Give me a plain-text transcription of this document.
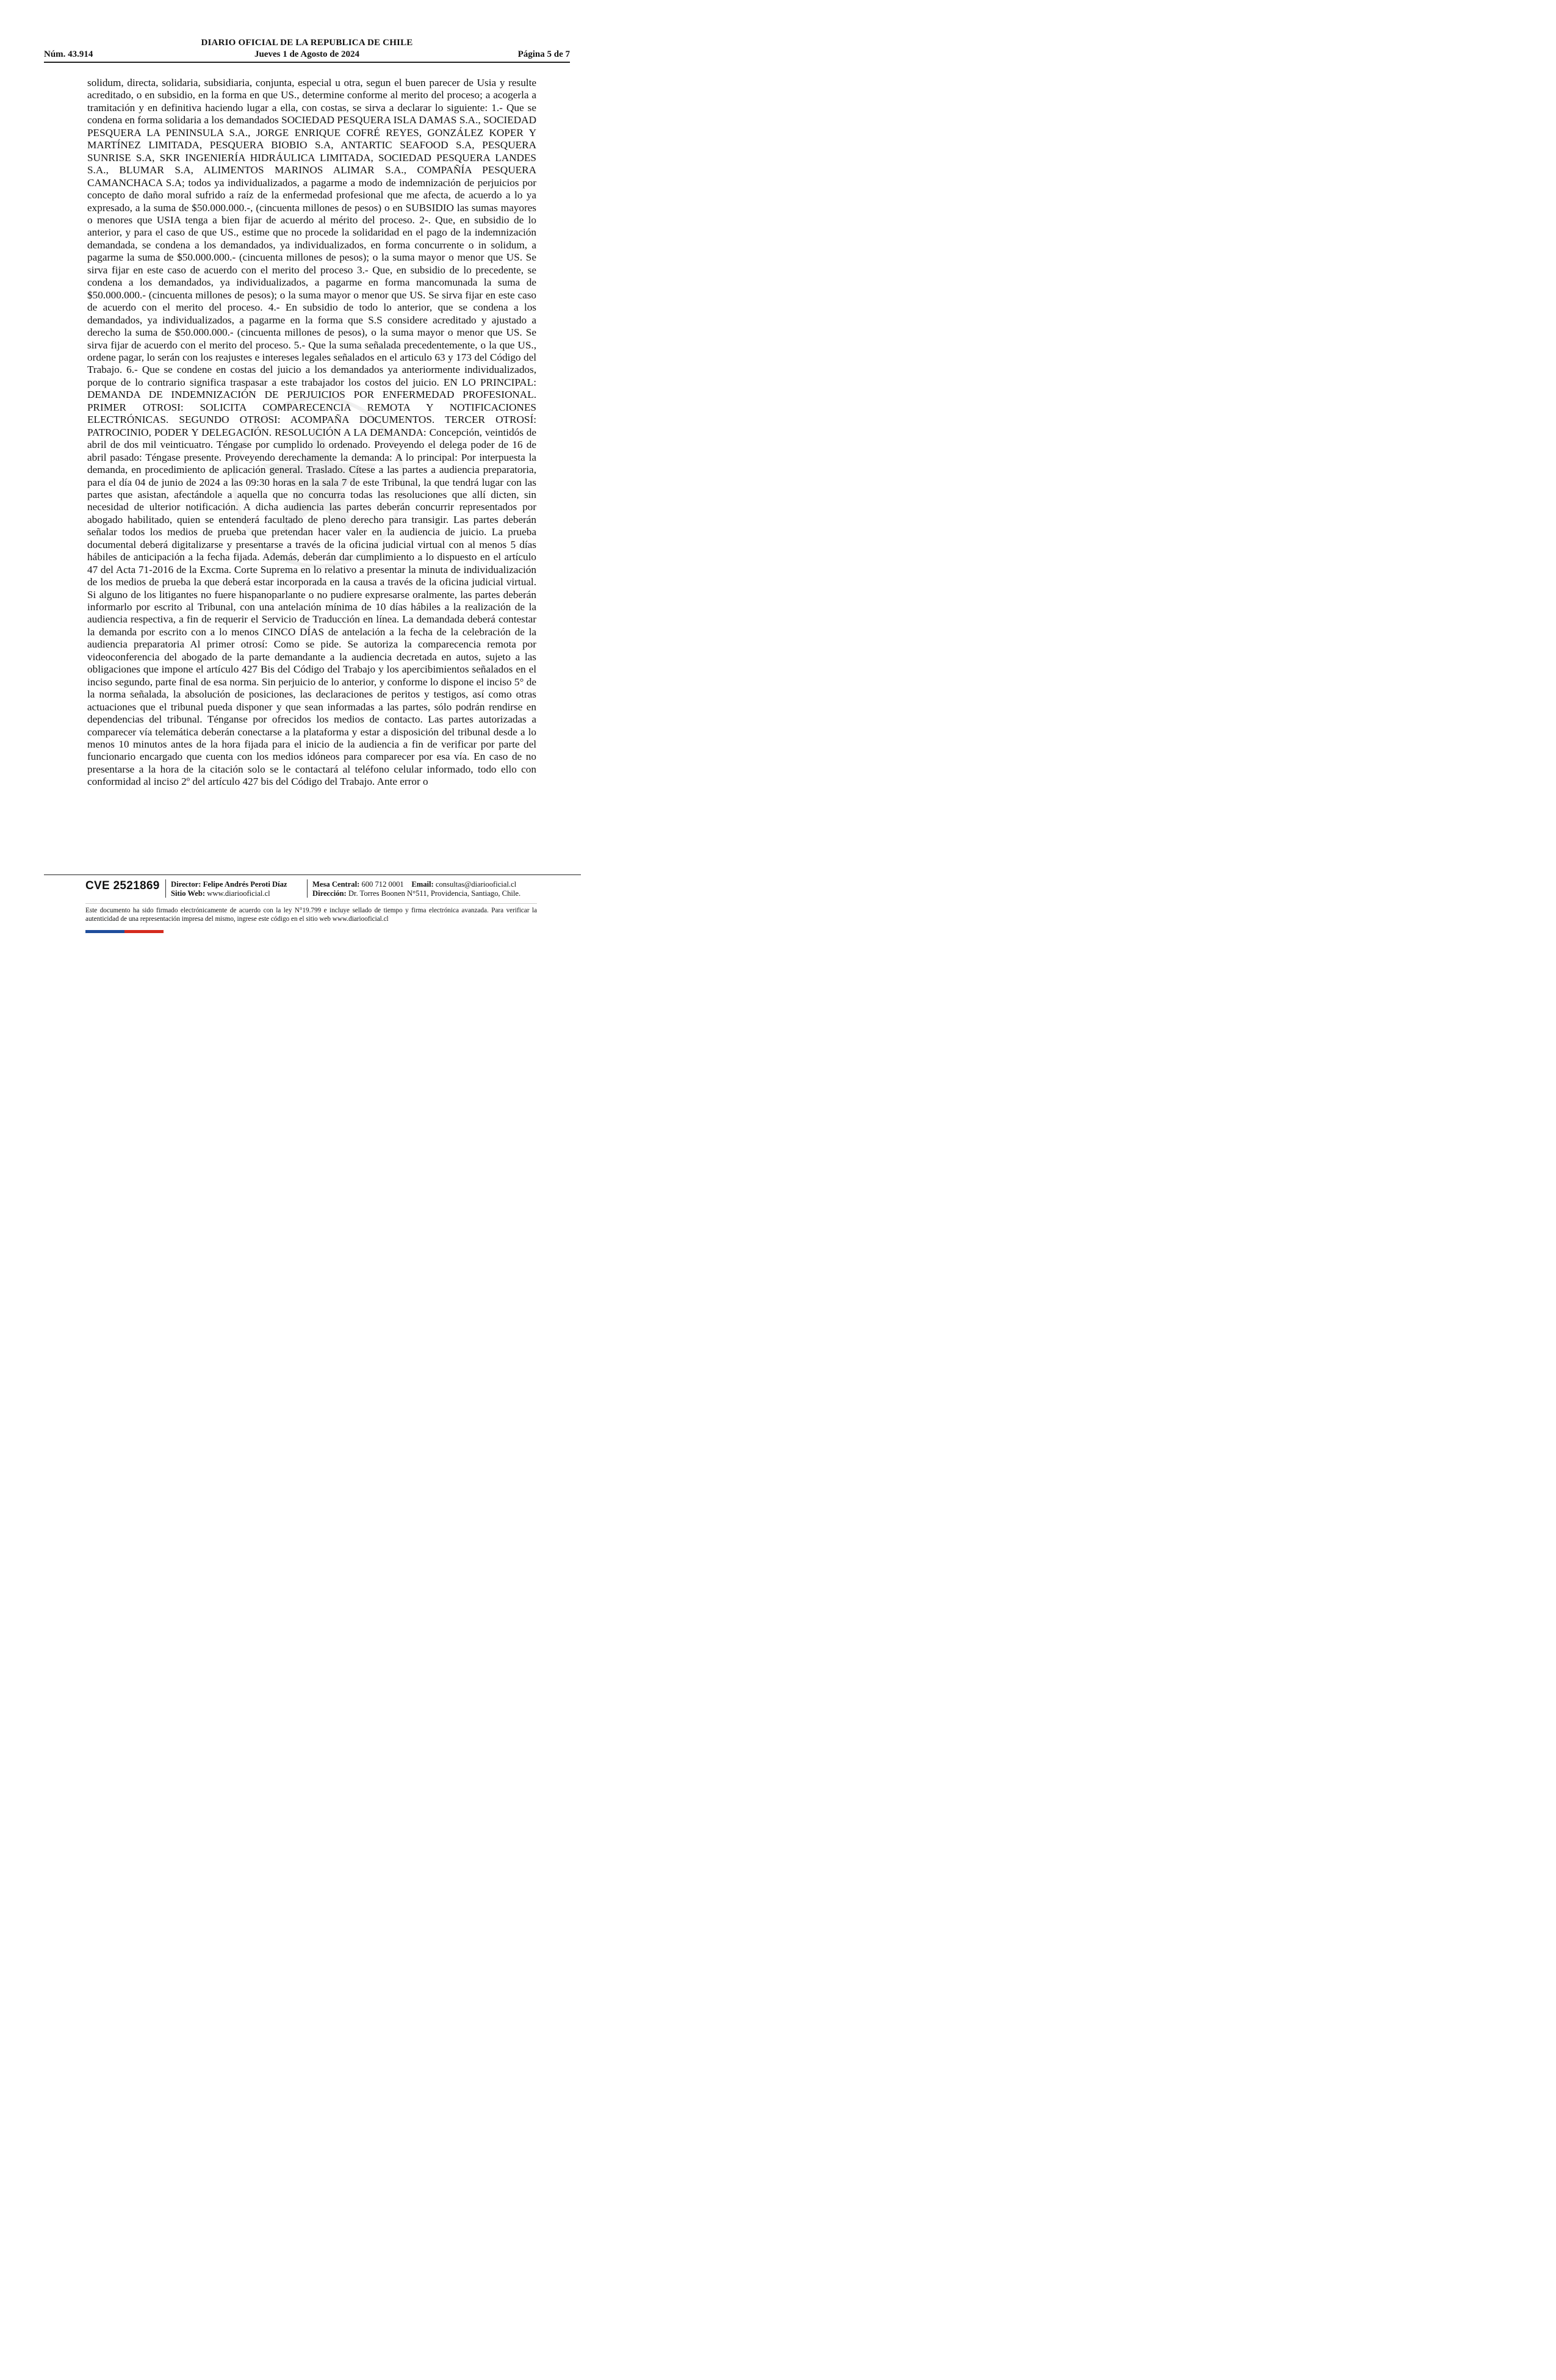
DIARIO OFICIAL DE LA REPUBLICA DE CHILE
Núm. 43.914	Jueves 1 de Agosto de 2024	Página 5 de 7
solidum, directa, solidaria, subsidiaria, conjunta, especial u otra, segun el buen parecer de Usia y resulte acreditado, o en subsidio, en la forma en que US., determine conforme al merito del proceso; a acogerla a tramitación y en definitiva haciendo lugar a ella, con costas, se sirva a declarar lo siguiente: 1.- Que se condena en forma solidaria a los demandados SOCIEDAD PESQUERA ISLA DAMAS S.A., SOCIEDAD PESQUERA LA PENINSULA S.A., JORGE ENRIQUE COFRÉ REYES, GONZÁLEZ KOPER Y MARTÍNEZ LIMITADA, PESQUERA BIOBIO S.A, ANTARTIC SEAFOOD S.A, PESQUERA SUNRISE S.A, SKR INGENIERÍA HIDRÁULICA LIMITADA, SOCIEDAD PESQUERA LANDES S.A., BLUMAR S.A, ALIMENTOS MARINOS ALIMAR S.A., COMPAÑÍA PESQUERA CAMANCHACA S.A; todos ya individualizados, a pagarme a modo de indemnización de perjuicios por concepto de daño moral sufrido a raíz de la enfermedad profesional que me afecta, de acuerdo a lo ya expresado, a la suma de $50.000.000.-, (cincuenta millones de pesos) o en SUBSIDIO las sumas mayores o menores que USIA tenga a bien fijar de acuerdo al mérito del proceso. 2-. Que, en subsidio de lo anterior, y para el caso de que US., estime que no procede la solidaridad en el pago de la indemnización demandada, se condena a los demandados, ya individualizados, en forma concurrente o in solidum, a pagarme la suma de $50.000.000.- (cincuenta millones de pesos); o la suma mayor o menor que US. Se sirva fijar en este caso de acuerdo con el merito del proceso 3.- Que, en subsidio de lo precedente, se condena a los demandados, ya individualizados, a pagarme en forma mancomunada la suma de $50.000.000.- (cincuenta millones de pesos); o la suma mayor o menor que US. Se sirva fijar en este caso de acuerdo con el merito del proceso. 4.- En subsidio de todo lo anterior, que se condena a los demandados, ya individualizados, a pagarme en la forma que S.S considere acreditado y ajustado a derecho la suma de $50.000.000.- (cincuenta millones de pesos), o la suma mayor o menor que US. Se sirva fijar de acuerdo con el merito del proceso. 5.- Que la suma señalada precedentemente, o la que US., ordene pagar, lo serán con los reajustes e intereses legales señalados en el articulo 63 y 173 del Código del Trabajo. 6.- Que se condene en costas del juicio a los demandados ya anteriormente individualizados, porque de lo contrario significa traspasar a este trabajador los costos del juicio. EN LO PRINCIPAL: DEMANDA DE INDEMNIZACIÓN DE PERJUICIOS POR ENFERMEDAD PROFESIONAL. PRIMER OTROSI: SOLICITA COMPARECENCIA REMOTA Y NOTIFICACIONES ELECTRÓNICAS. SEGUNDO OTROSI: ACOMPAÑA DOCUMENTOS. TERCER OTROSÍ: PATROCINIO, PODER Y DELEGACIÓN. RESOLUCIÓN A LA DEMANDA: Concepción, veintidós de abril de dos mil veinticuatro. Téngase por cumplido lo ordenado. Proveyendo el delega poder de 16 de abril pasado: Téngase presente. Proveyendo derechamente la demanda: A lo principal: Por interpuesta la demanda, en procedimiento de aplicación general. Traslado. Cítese a las partes a audiencia preparatoria, para el día 04 de junio de 2024 a las 09:30 horas en la sala 7 de este Tribunal, la que tendrá lugar con las partes que asistan, afectándole a aquella que no concurra todas las resoluciones que allí dicten, sin necesidad de ulterior notificación. A dicha audiencia las partes deberán concurrir representados por abogado habilitado, quien se entenderá facultado de pleno derecho para transigir. Las partes deberán señalar todos los medios de prueba que pretendan hacer valer en la audiencia de juicio. La prueba documental deberá digitalizarse y presentarse a través de la oficina judicial virtual con al menos 5 días hábiles de anticipación a la fecha fijada. Además, deberán dar cumplimiento a lo dispuesto en el artículo 47 del Acta 71-2016 de la Excma. Corte Suprema en lo relativo a presentar la minuta de individualización de los medios de prueba la que deberá estar incorporada en la causa a través de la oficina judicial virtual. Si alguno de los litigantes no fuere hispanoparlante o no pudiere expresarse oralmente, las partes deberán informarlo por escrito al Tribunal, con una antelación mínima de 10 días hábiles a la realización de la audiencia respectiva, a fin de requerir el Servicio de Traducción en línea. La demandada deberá contestar la demanda por escrito con a lo menos CINCO DÍAS de antelación a la fecha de la celebración de la audiencia preparatoria Al primer otrosí: Como se pide. Se autoriza la comparecencia remota por videoconferencia del abogado de la parte demandante a la audiencia decretada en autos, sujeto a las obligaciones que impone el artículo 427 Bis del Código del Trabajo y los apercibimientos señalados en el inciso segundo, parte final de esa norma. Sin perjuicio de lo anterior, y conforme lo dispone el inciso 5° de la norma señalada, la absolución de posiciones, las declaraciones de peritos y testigos, así como otras actuaciones que el tribunal pueda disponer y que sean informadas a las partes, sólo podrán rendirse en dependencias del tribunal. Ténganse por ofrecidos los medios de contacto. Las partes autorizadas a comparecer vía telemática deberán conectarse a la plataforma y estar a disposición del tribunal desde a lo menos 10 minutos antes de la hora fijada para el inicio de la audiencia a fin de verificar por parte del funcionario encargado que cuenta con los medios idóneos para comparecer por esa vía. En caso de no presentarse a la hora de la citación solo se le contactará al teléfono celular informado, todo ello con conformidad al inciso 2º del artículo 427 bis del Código del Trabajo. Ante error o
CVE 2521869 Director: Felipe Andrés Peroti Díaz
Sitio Web: www.diariooficial.cl
Mesa Central: 600 712 0001 Email: consultas@diariooficial.cl
Dirección: Dr. Torres Boonen N°511, Providencia, Santiago, Chile.
Este documento ha sido firmado electrónicamente de acuerdo con la ley N°19.799 e incluye sellado de tiempo y firma electrónica avanzada. Para verificar la autenticidad de una representación impresa del mismo, ingrese este código en el sitio web www.diariooficial.cl
